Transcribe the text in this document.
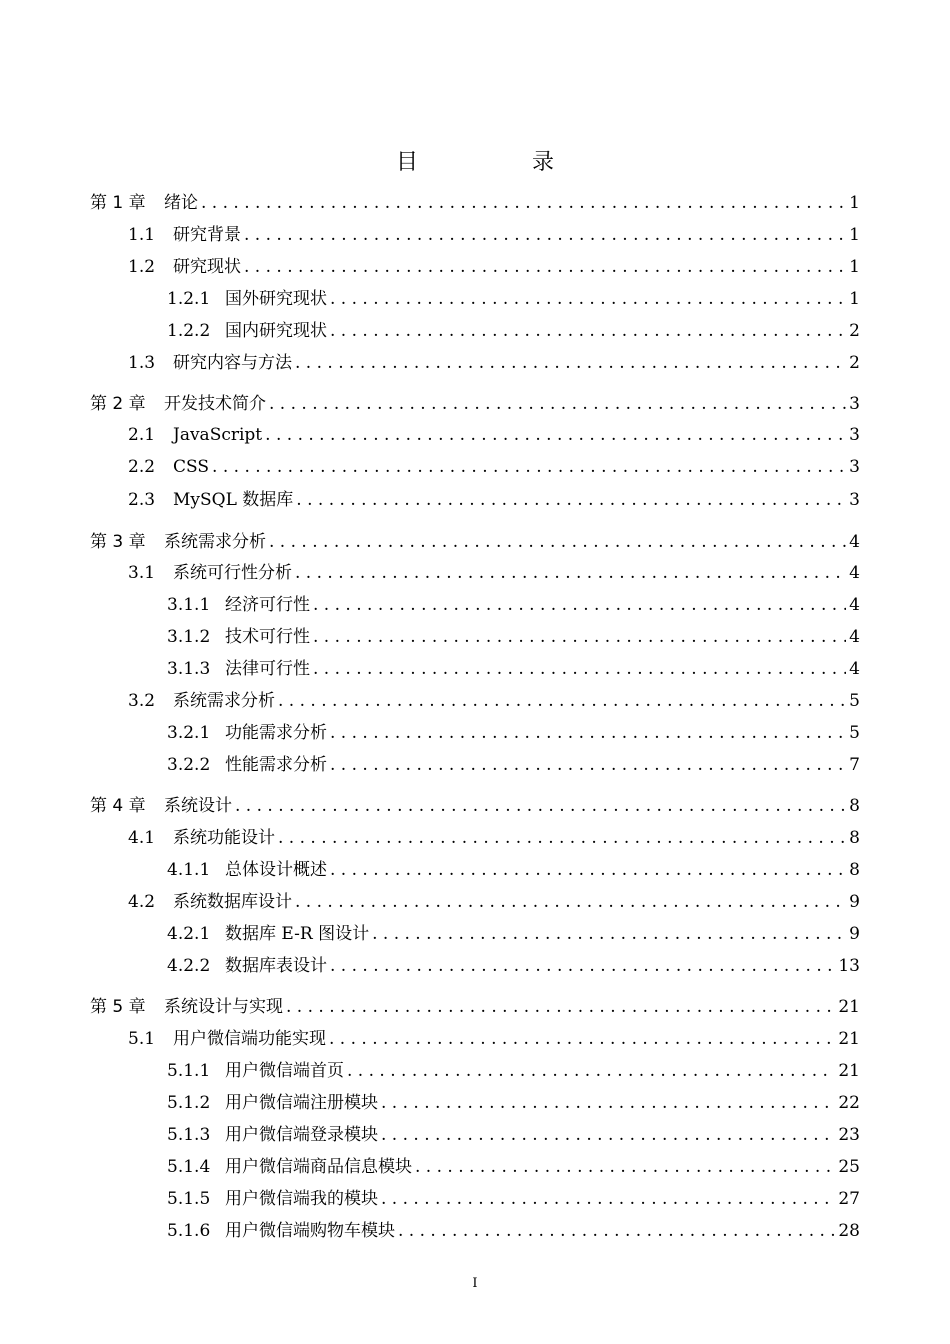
目　录
第 1 章	绪论 . . .	1
1.1	研究背景 . . .	1
1.2	研究现状 . . .	1
1.2.1 国外研究现状 . . .	1
1.2.2 国内研究现状 . . .	2
1.3	研究内容与方法 . . .	2
第 2 章	开发技术简介 . . .	3
2.1	JavaScript . . .	3
2.2	CSS . . .	3
2.3	MySQL 数据库 . . .	3
第 3 章	系统需求分析 . . .	4
3.1	系统可行性分析 . . .	4
3.1.1 经济可行性 . . .	4
3.1.2 技术可行性 . . .	4
3.1.3 法律可行性 . . .	4
3.2	系统需求分析 . . .	5
3.2.1 功能需求分析 . . .	5
3.2.2 性能需求分析 . . .	7
第 4 章	系统设计 . . .	8
4.1	系统功能设计 . . .	8
4.1.1 总体设计概述 . . .	8
4.2	系统数据库设计 . . .	9
4.2.1 数据库 E-R 图设计 . . .	9
4.2.2 数据库表设计 . . .	13
第 5 章	系统设计与实现 . . .	21
5.1	用户微信端功能实现 . . .	21
5.1.1 用户微信端首页 . . .	21
5.1.2 用户微信端注册模块 . . .	22
5.1.3 用户微信端登录模块 . . .	23
5.1.4 用户微信端商品信息模块 . . .	25
5.1.5 用户微信端我的模块 . . .	27
5.1.6 用户微信端购物车模块 . . .	28
I
